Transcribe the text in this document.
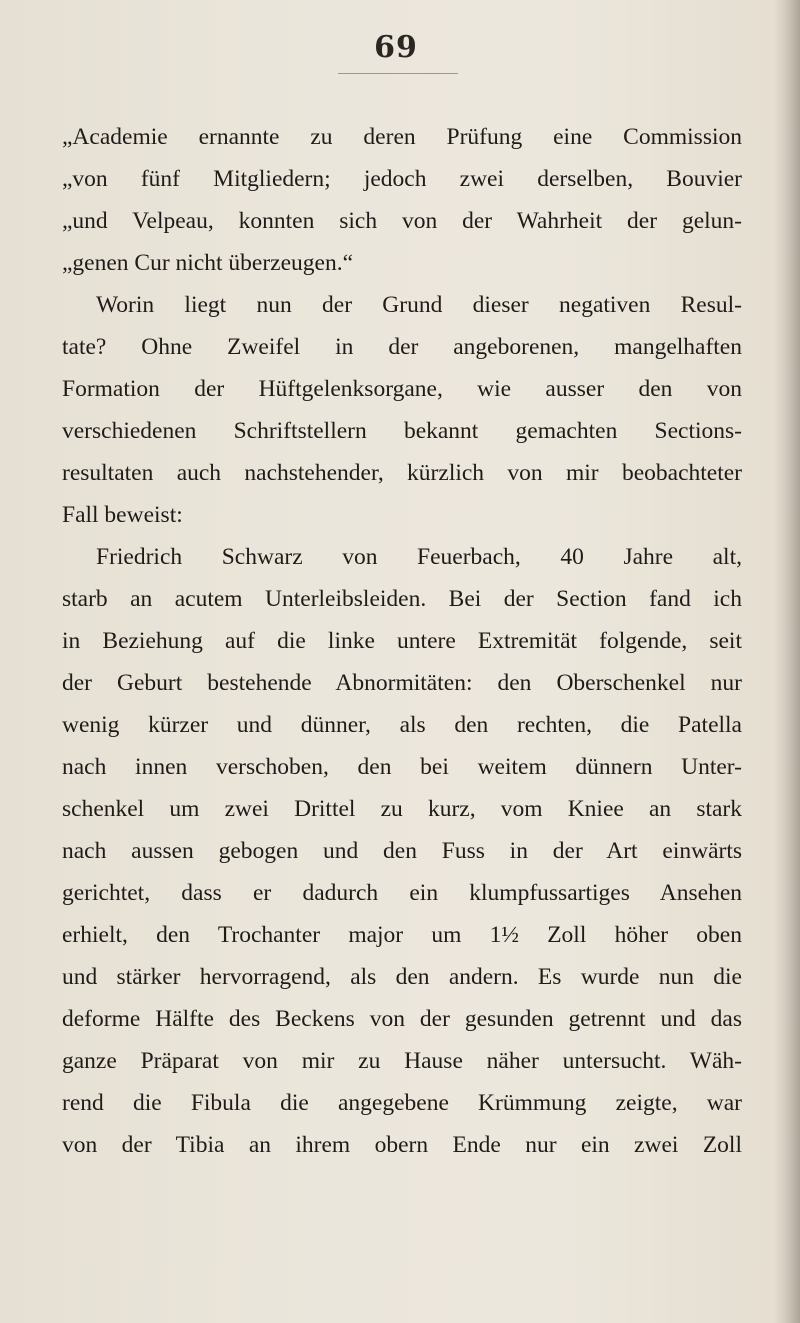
69
„Academie ernannte zu deren Prüfung eine Commission
„von fünf Mitgliedern; jedoch zwei derselben, Bouvier
„und Velpeau, konnten sich von der Wahrheit der gelun-
„genen Cur nicht überzeugen.“
Worin liegt nun der Grund dieser negativen Resul-
tate? Ohne Zweifel in der angeborenen, mangelhaften
Formation der Hüftgelenksorgane, wie ausser den von
verschiedenen Schriftstellern bekannt gemachten Sections-
resultaten auch nachstehender, kürzlich von mir beobachteter
Fall beweist:
Friedrich Schwarz von Feuerbach, 40 Jahre alt,
starb an acutem Unterleibsleiden. Bei der Section fand ich
in Beziehung auf die linke untere Extremität folgende, seit
der Geburt bestehende Abnormitäten: den Oberschenkel nur
wenig kürzer und dünner, als den rechten, die Patella
nach innen verschoben, den bei weitem dünnern Unter-
schenkel um zwei Drittel zu kurz, vom Kniee an stark
nach aussen gebogen und den Fuss in der Art einwärts
gerichtet, dass er dadurch ein klumpfussartiges Ansehen
erhielt, den Trochanter major um 1½ Zoll höher oben
und stärker hervorragend, als den andern. Es wurde nun die
deforme Hälfte des Beckens von der gesunden getrennt und das
ganze Präparat von mir zu Hause näher untersucht. Wäh-
rend die Fibula die angegebene Krümmung zeigte, war
von der Tibia an ihrem obern Ende nur ein zwei Zoll
